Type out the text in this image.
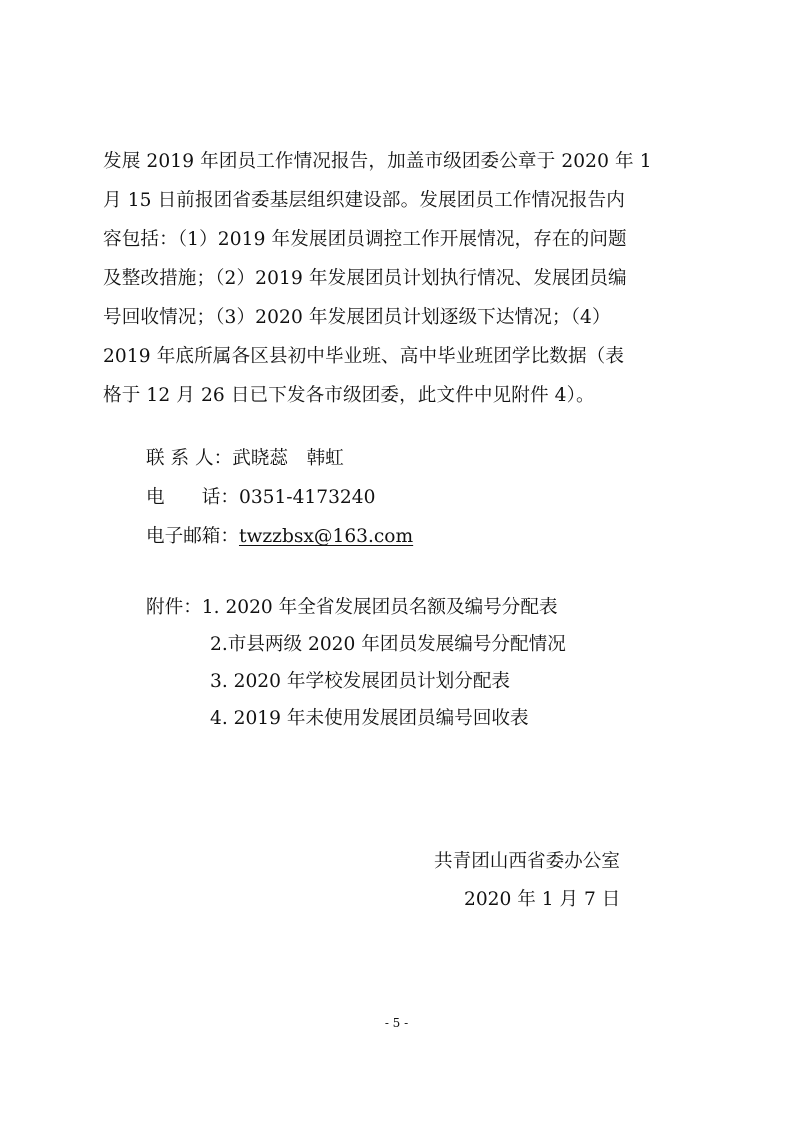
发展 2019 年团员工作情况报告，加盖市级团委公章于 2020 年 1
月 15 日前报团省委基层组织建设部。发展团员工作情况报告内
容包括：（1）2019 年发展团员调控工作开展情况，存在的问题
及整改措施；（2）2019 年发展团员计划执行情况、发展团员编
号回收情况；（3）2020 年发展团员计划逐级下达情况；（4）
2019 年底所属各区县初中毕业班、高中毕业班团学比数据（表
格于 12 月 26 日已下发各市级团委，此文件中见附件 4）。
联 系 人：武晓蕊　韩虹
电　　话：0351-4173240
电子邮箱：twzzbsx@163.com
附件：1. 2020 年全省发展团员名额及编号分配表
2.市县两级 2020 年团员发展编号分配情况
3. 2020 年学校发展团员计划分配表
4. 2019 年未使用发展团员编号回收表
共青团山西省委办公室
2020 年 1 月 7 日
- 5 -
